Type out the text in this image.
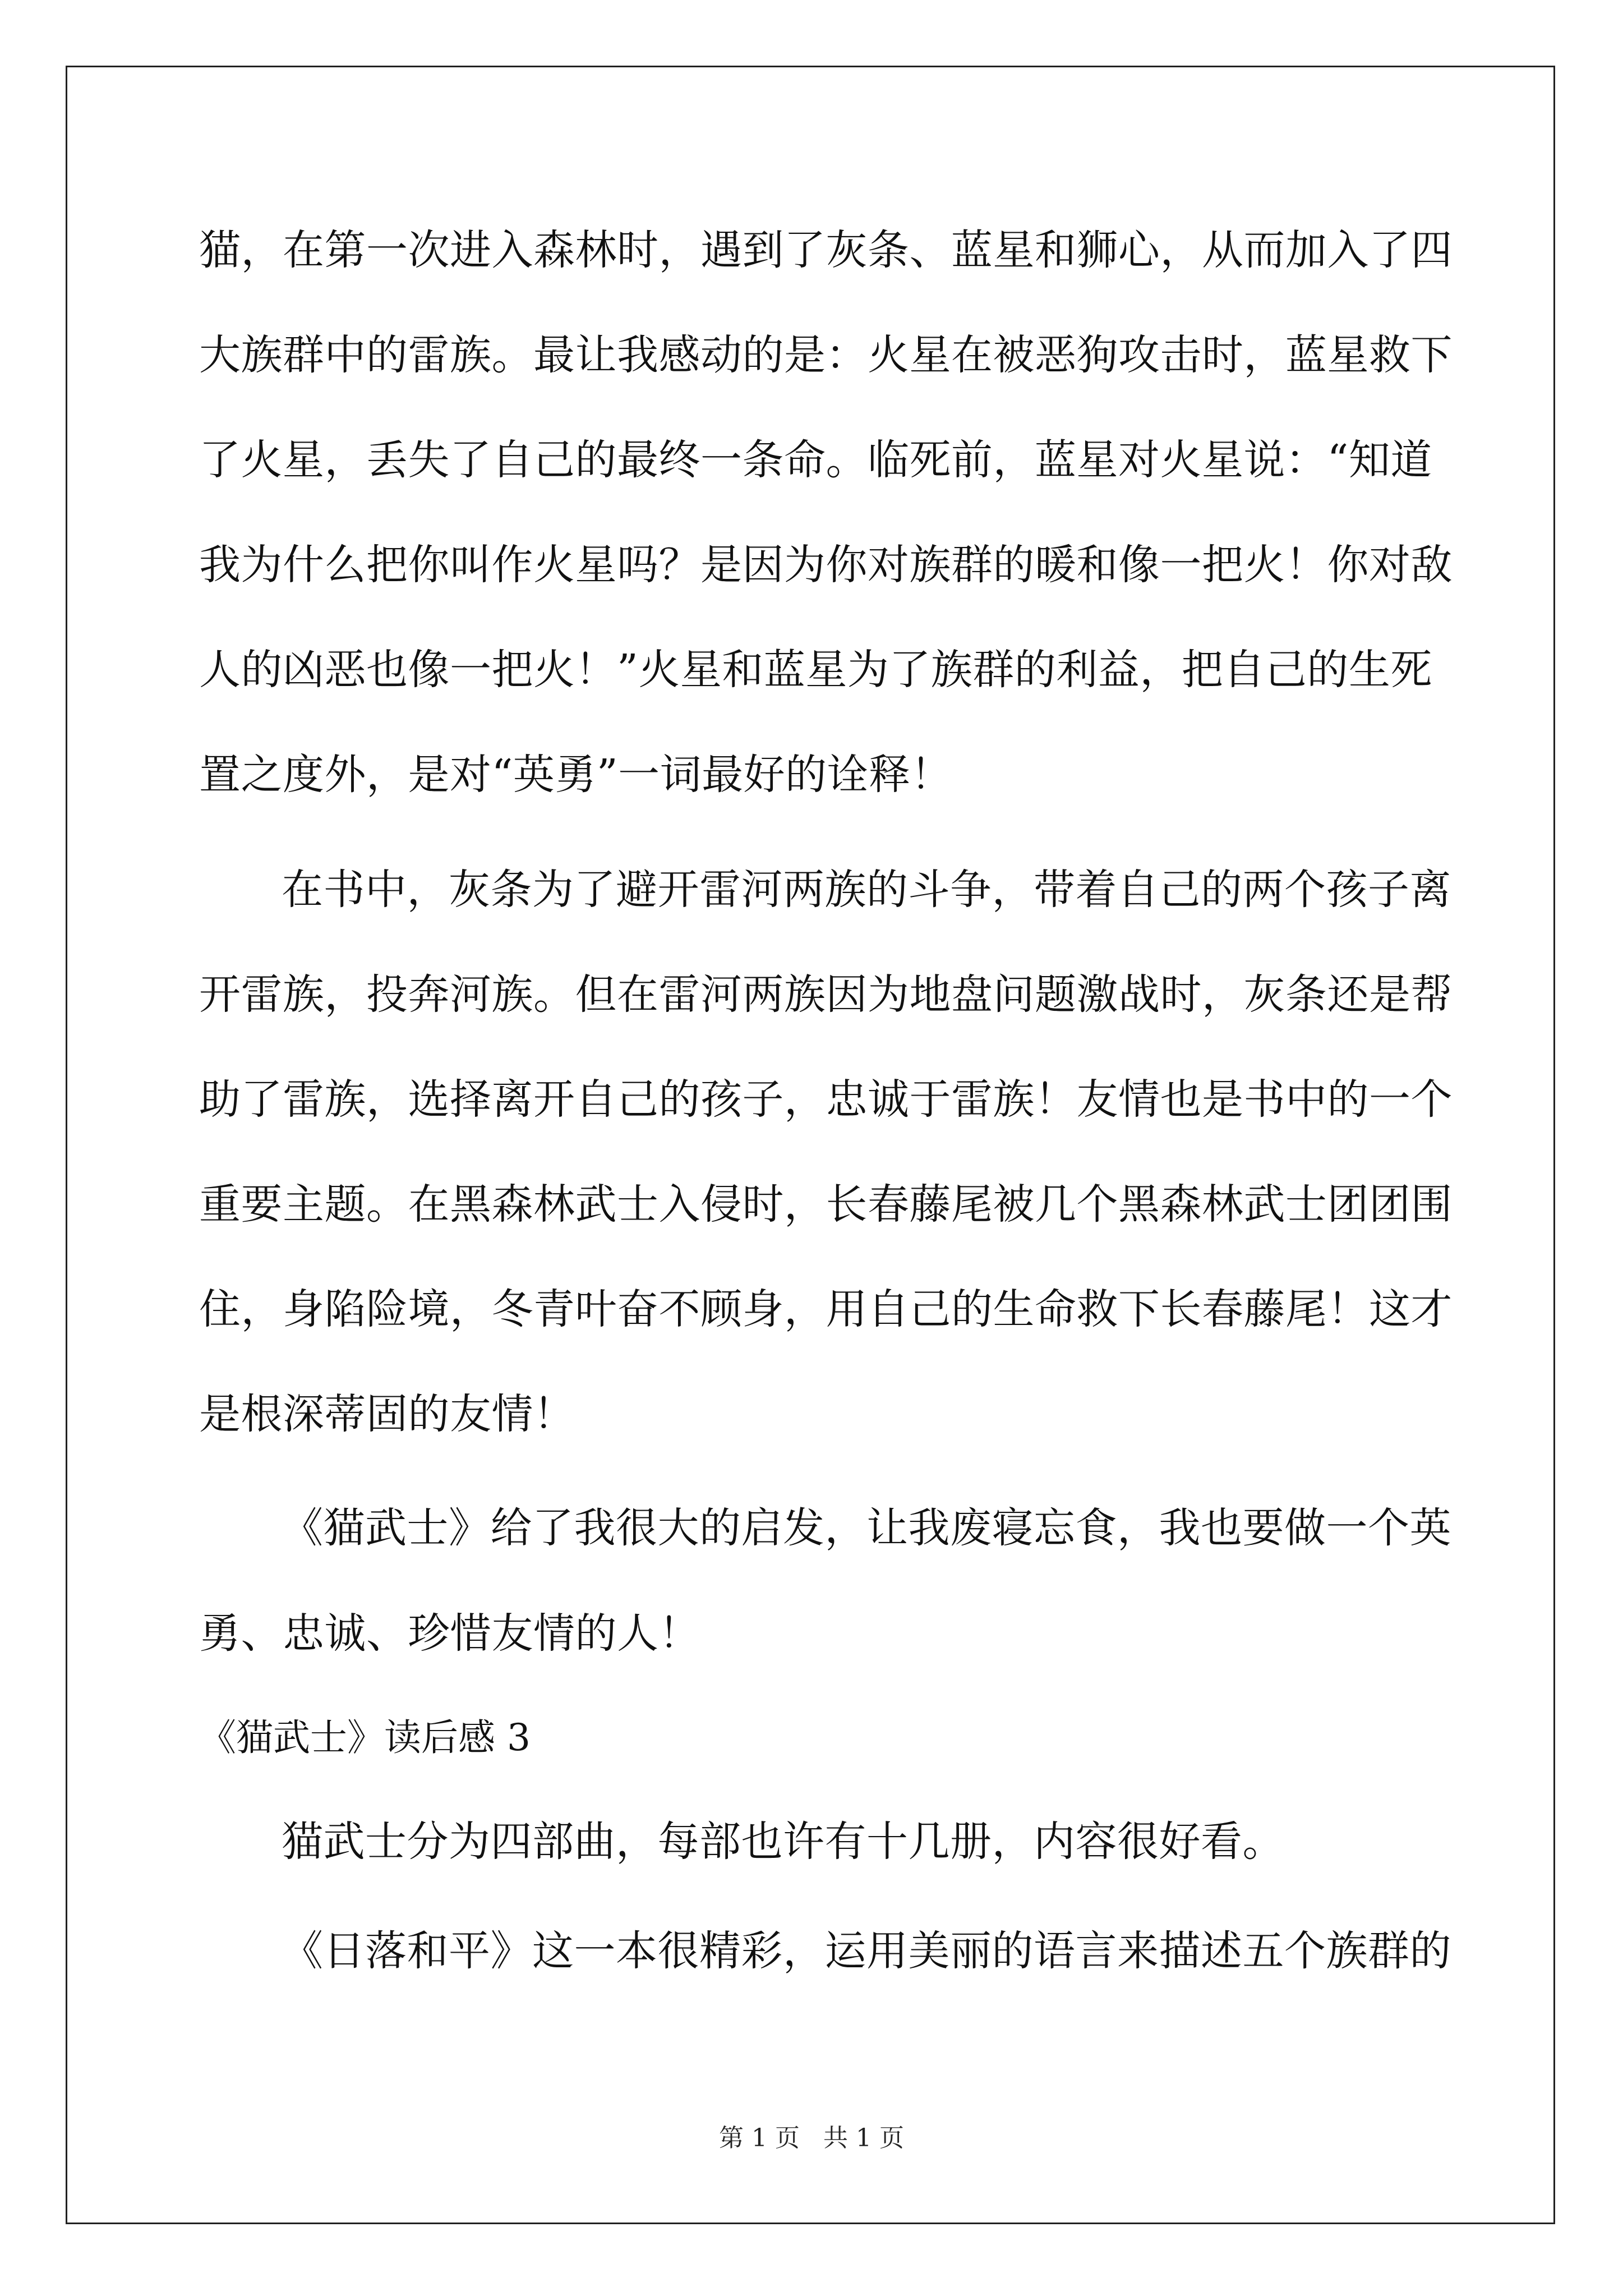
猫，在第一次进入森林时，遇到了灰条、蓝星和狮心，从而加入了四
大族群中的雷族。最让我感动的是：火星在被恶狗攻击时，蓝星救下
了火星，丢失了自己的最终一条命。临死前，蓝星对火星说：“知道
我为什么把你叫作火星吗？是因为你对族群的暖和像一把火！你对敌
人的凶恶也像一把火！”火星和蓝星为了族群的利益，把自己的生死
置之度外，是对“英勇”一词最好的诠释！
在书中，灰条为了避开雷河两族的斗争，带着自己的两个孩子离
开雷族，投奔河族。但在雷河两族因为地盘问题激战时，灰条还是帮
助了雷族，选择离开自己的孩子，忠诚于雷族！友情也是书中的一个
重要主题。在黑森林武士入侵时，长春藤尾被几个黑森林武士团团围
住，身陷险境，冬青叶奋不顾身，用自己的生命救下长春藤尾！这才
是根深蒂固的友情！
《猫武士》给了我很大的启发，让我废寝忘食，我也要做一个英
勇、忠诚、珍惜友情的人！
《猫武士》读后感 3
猫武士分为四部曲，每部也许有十几册，内容很好看。
《日落和平》这一本很精彩，运用美丽的语言来描述五个族群的
第 1 页   共 1 页
